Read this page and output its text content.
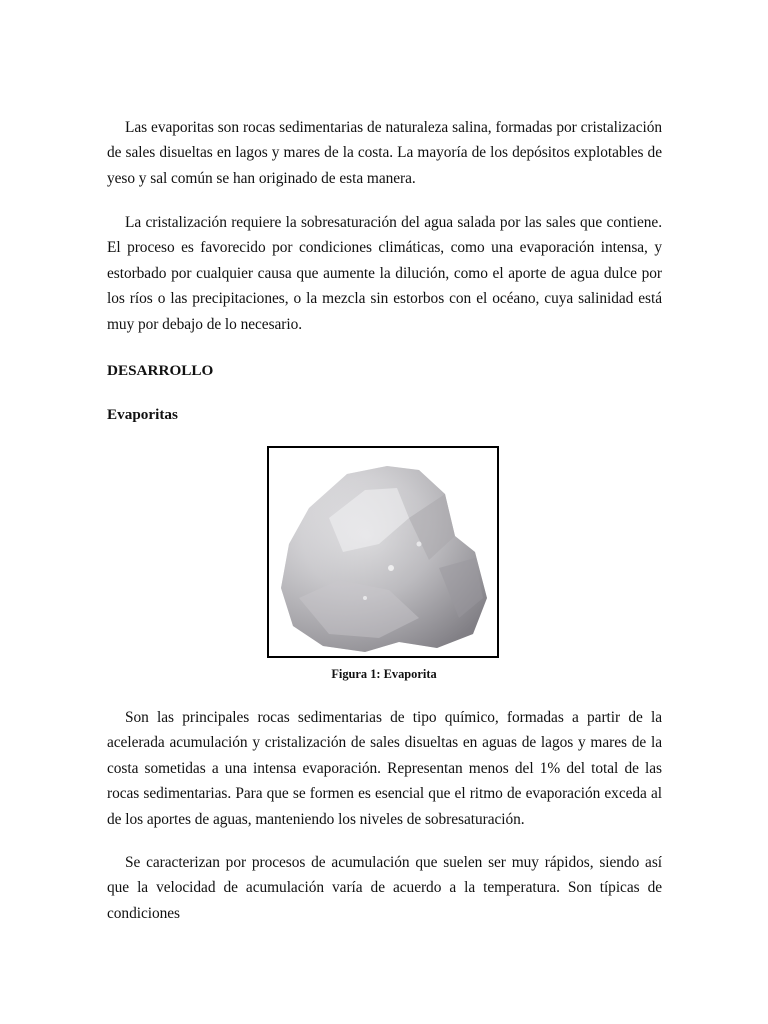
Las evaporitas son rocas sedimentarias de naturaleza salina, formadas por cristalización de sales disueltas en lagos y mares de la costa. La mayoría de los depósitos explotables de yeso y sal común se han originado de esta manera.

La cristalización requiere la sobresaturación del agua salada por las sales que contiene. El proceso es favorecido por condiciones climáticas, como una evaporación intensa, y estorbado por cualquier causa que aumente la dilución, como el aporte de agua dulce por los ríos o las precipitaciones, o la mezcla sin estorbos con el océano, cuya salinidad está muy por debajo de lo necesario.

DESARROLLO
Evaporitas

Figura 1: Evaporita

Son las principales rocas sedimentarias de tipo químico, formadas a partir de la acelerada acumulación y cristalización de sales disueltas en aguas de lagos y mares de la costa sometidas a una intensa evaporación. Representan menos del 1% del total de las rocas sedimentarias. Para que se formen es esencial que el ritmo de evaporación exceda al de los aportes de aguas, manteniendo los niveles de sobresaturación.

Se caracterizan por procesos de acumulación que suelen ser muy rápidos, siendo así que la velocidad de acumulación varía de acuerdo a la temperatura. Son típicas de condiciones
